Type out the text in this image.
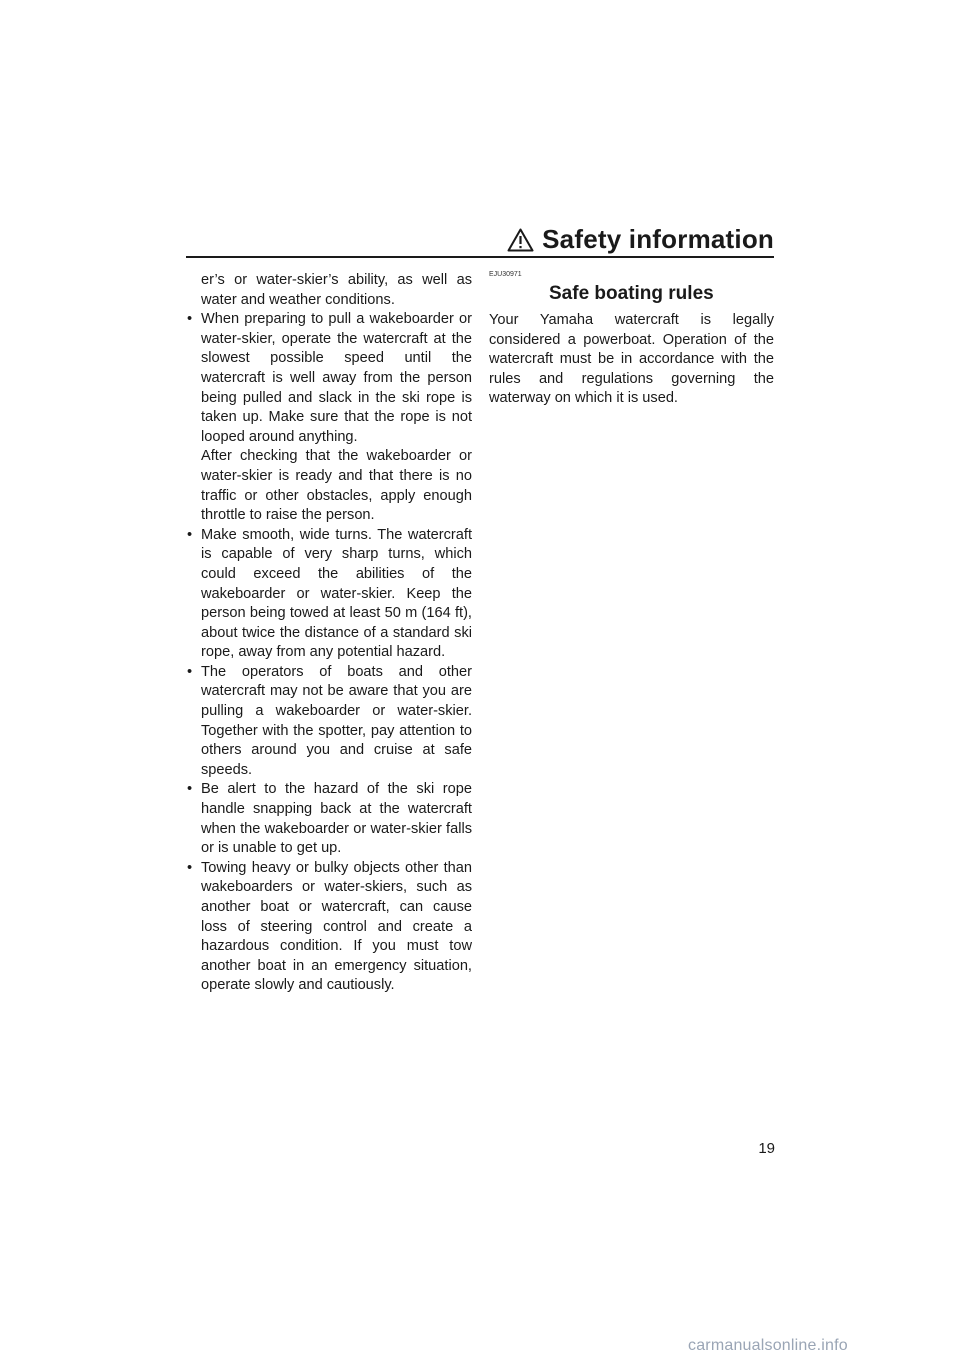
Safety information

er’s or water-skier’s ability, as well as water and weather conditions.

• When preparing to pull a wakeboarder or water-skier, operate the watercraft at the slowest possible speed until the watercraft is well away from the person being pulled and slack in the ski rope is taken up. Make sure that the rope is not looped around anything.

After checking that the wakeboarder or water-skier is ready and that there is no traffic or other obstacles, apply enough throttle to raise the person.

• Make smooth, wide turns. The watercraft is capable of very sharp turns, which could exceed the abilities of the wakeboarder or water-skier. Keep the person being towed at least 50 m (164 ft), about twice the distance of a standard ski rope, away from any potential hazard.

• The operators of boats and other watercraft may not be aware that you are pulling a wakeboarder or water-skier. Together with the spotter, pay attention to others around you and cruise at safe speeds.

• Be alert to the hazard of the ski rope handle snapping back at the watercraft when the wakeboarder or water-skier falls or is unable to get up.

• Towing heavy or bulky objects other than wakeboarders or water-skiers, such as another boat or watercraft, can cause loss of steering control and create a hazardous condition. If you must tow another boat in an emergency situation, operate slowly and cautiously.

EJU30971

Safe boating rules

Your Yamaha watercraft is legally considered a powerboat. Operation of the watercraft must be in accordance with the rules and regulations governing the waterway on which it is used.

19
carmanualsonline.info
